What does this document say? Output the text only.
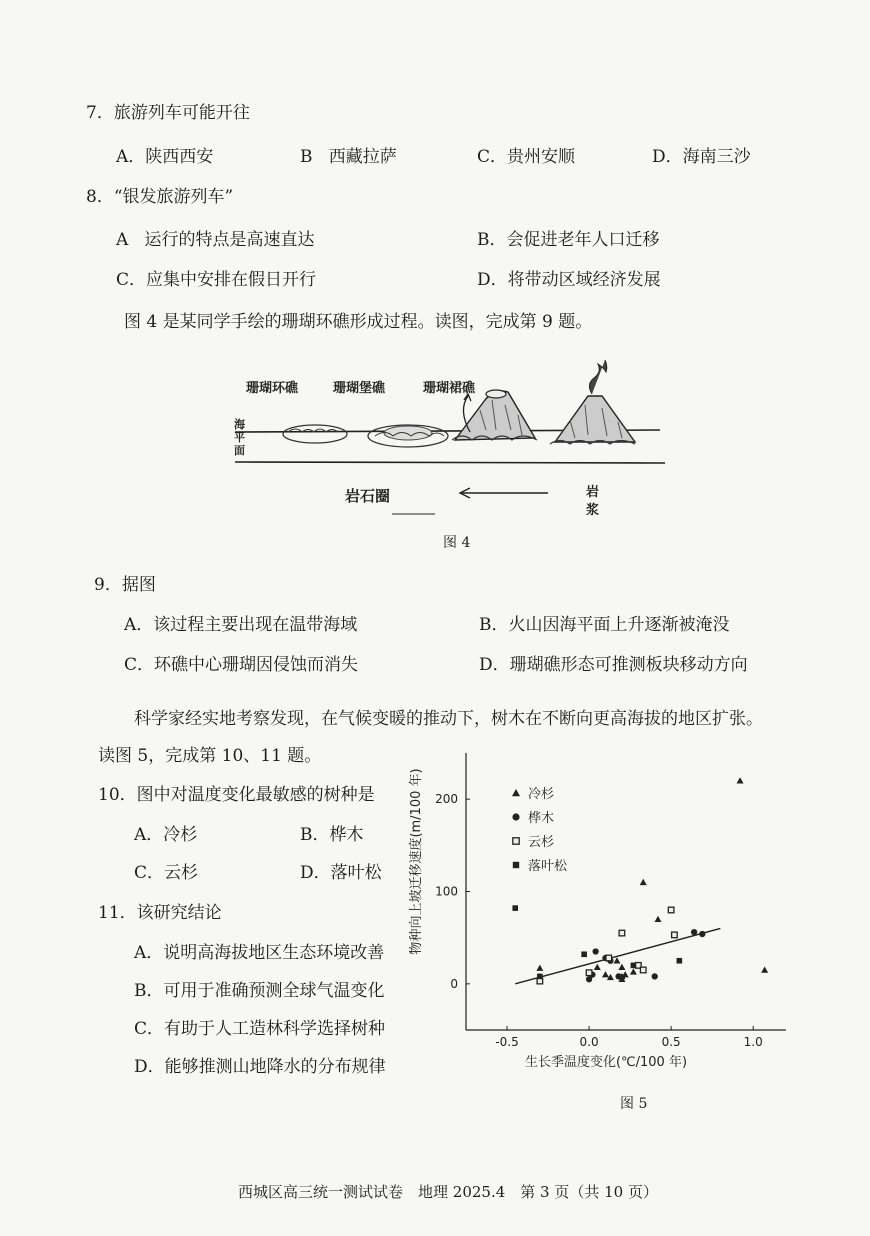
7．旅游列车可能开往
A．陕西西安	B 西藏拉萨	C．贵州安顺	D．海南三沙
8．“银发旅游列车”
A 运行的特点是高速直达	B．会促进老年人口迁移
C．应集中安排在假日开行	D．将带动区域经济发展
图 4 是某同学手绘的珊瑚环礁形成过程。读图，完成第 9 题。
珊瑚环礁	珊瑚堡礁	珊瑚裙礁
海
平
面
岩石圈	岩
浆
图 4
9．据图
A．该过程主要出现在温带海域	B．火山因海平面上升逐渐被淹没
C．环礁中心珊瑚因侵蚀而消失	D．珊瑚礁形态可推测板块移动方向
科学家经实地考察发现，在气候变暖的推动下，树木在不断向更高海拔的地区扩张。
读图 5，完成第 10、11 题。
10．图中对温度变化最敏感的树种是
A．冷杉	B．桦木
C．云杉	D．落叶松
11．该研究结论
A．说明高海拔地区生态环境改善
B．可用于准确预测全球气温变化
C．有助于人工造林科学选择树种
D．能够推测山地降水的分布规律
-0.5	0.0	0.5	1.0
0
100
200
生长季温度变化(℃/100 年)
物种向上坡迁移速度(m/100 年)	冷杉
桦木
云杉
落叶松
图 5
西城区高三统一测试试卷　地理 2025.4　第 3 页（共 10 页）
